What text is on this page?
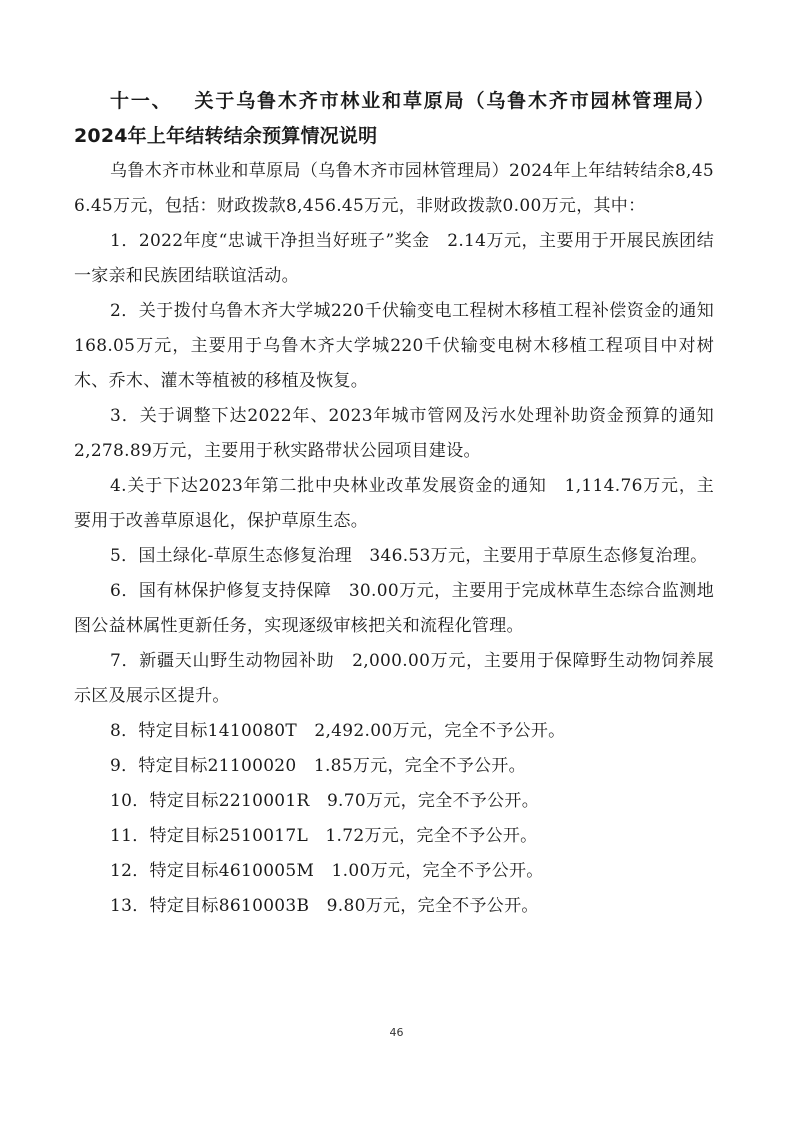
十一、 关于乌鲁木齐市林业和草原局（乌鲁木齐市园林管理局）2024年上年结转结余预算情况说明

乌鲁木齐市林业和草原局（乌鲁木齐市园林管理局）2024年上年结转结余8,456.45万元，包括：财政拨款8,456.45万元，非财政拨款0.00万元，其中：

1．2022年度“忠诚干净担当好班子”奖金　2.14万元，主要用于开展民族团结一家亲和民族团结联谊活动。

2．关于拨付乌鲁木齐大学城220千伏输变电工程树木移植工程补偿资金的通知　168.05万元，主要用于乌鲁木齐大学城220千伏输变电树木移植工程项目中对树木、乔木、灌木等植被的移植及恢复。

3．关于调整下达2022年、2023年城市管网及污水处理补助资金预算的通知　2,278.89万元，主要用于秋实路带状公园项目建设。

4.关于下达2023年第二批中央林业改革发展资金的通知　1,114.76万元，主要用于改善草原退化，保护草原生态。

5．国土绿化-草原生态修复治理　346.53万元，主要用于草原生态修复治理。

6．国有林保护修复支持保障　30.00万元，主要用于完成林草生态综合监测地图公益林属性更新任务，实现逐级审核把关和流程化管理。

7．新疆天山野生动物园补助　2,000.00万元，主要用于保障野生动物饲养展示区及展示区提升。

8．特定目标1410080T　2,492.00万元，完全不予公开。

9．特定目标21100020　1.85万元，完全不予公开。

10．特定目标2210001R　9.70万元，完全不予公开。

11．特定目标2510017L　1.72万元，完全不予公开。

12．特定目标4610005M　1.00万元，完全不予公开。

13．特定目标8610003B　9.80万元，完全不予公开。

46
